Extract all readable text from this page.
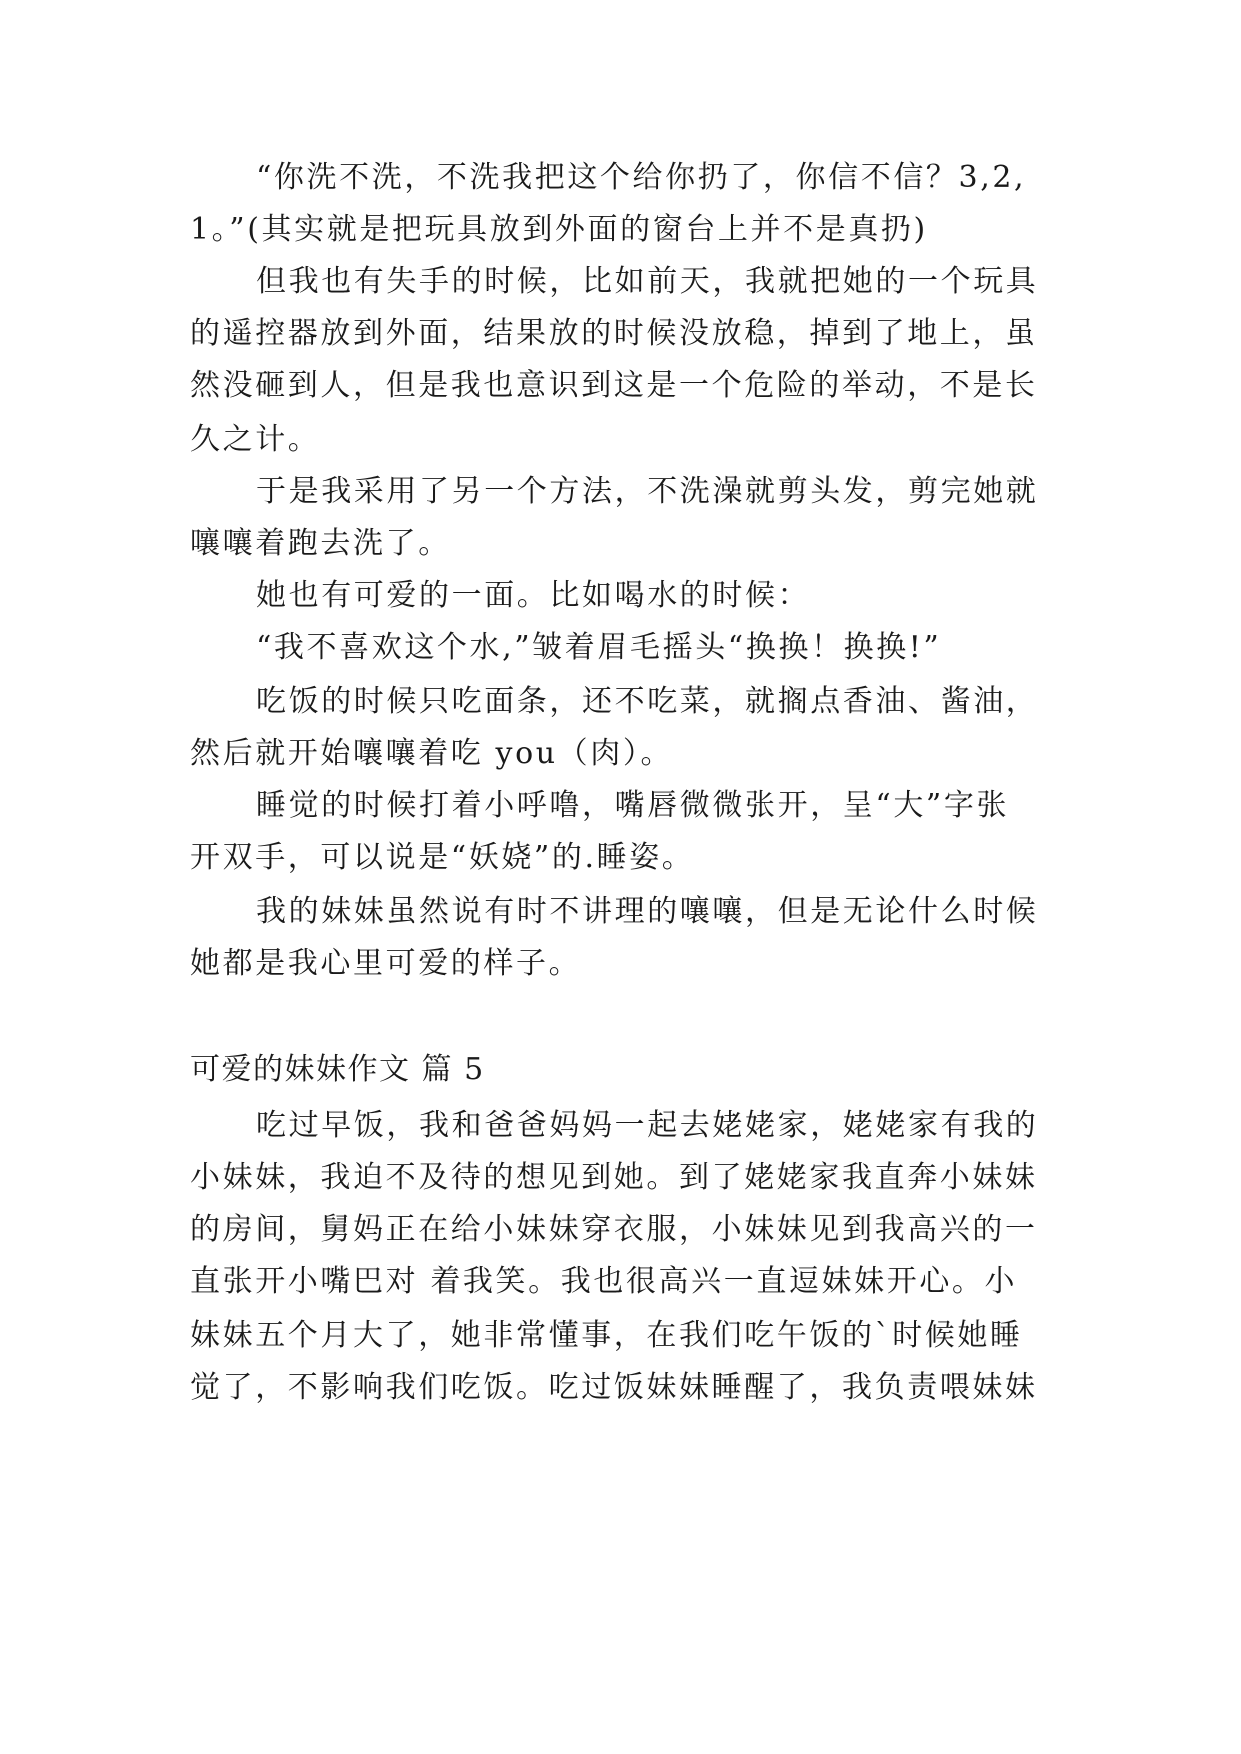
“你洗不洗，不洗我把这个给你扔了，你信不信？3,2,
1。”(其实就是把玩具放到外面的窗台上并不是真扔)
但我也有失手的时候，比如前天，我就把她的一个玩具
的遥控器放到外面，结果放的时候没放稳，掉到了地上，虽
然没砸到人，但是我也意识到这是一个危险的举动，不是长
久之计。
于是我采用了另一个方法，不洗澡就剪头发，剪完她就
嚷嚷着跑去洗了。
她也有可爱的一面。比如喝水的时候：
“我不喜欢这个水,”皱着眉毛摇头“换换！换换!”
吃饭的时候只吃面条，还不吃菜，就搁点香油、酱油，
然后就开始嚷嚷着吃 you（肉）。
睡觉的时候打着小呼噜，嘴唇微微张开，呈“大”字张
开双手，可以说是“妖娆”的.睡姿。
我的妹妹虽然说有时不讲理的嚷嚷，但是无论什么时候
她都是我心里可爱的样子。
可爱的妹妹作文 篇 5
吃过早饭，我和爸爸妈妈一起去姥姥家，姥姥家有我的
小妹妹，我迫不及待的想见到她。到了姥姥家我直奔小妹妹
的房间，舅妈正在给小妹妹穿衣服，小妹妹见到我高兴的一
直张开小嘴巴对 着我笑。我也很高兴一直逗妹妹开心。小
妹妹五个月大了，她非常懂事，在我们吃午饭的`时候她睡
觉了，不影响我们吃饭。吃过饭妹妹睡醒了，我负责喂妹妹
